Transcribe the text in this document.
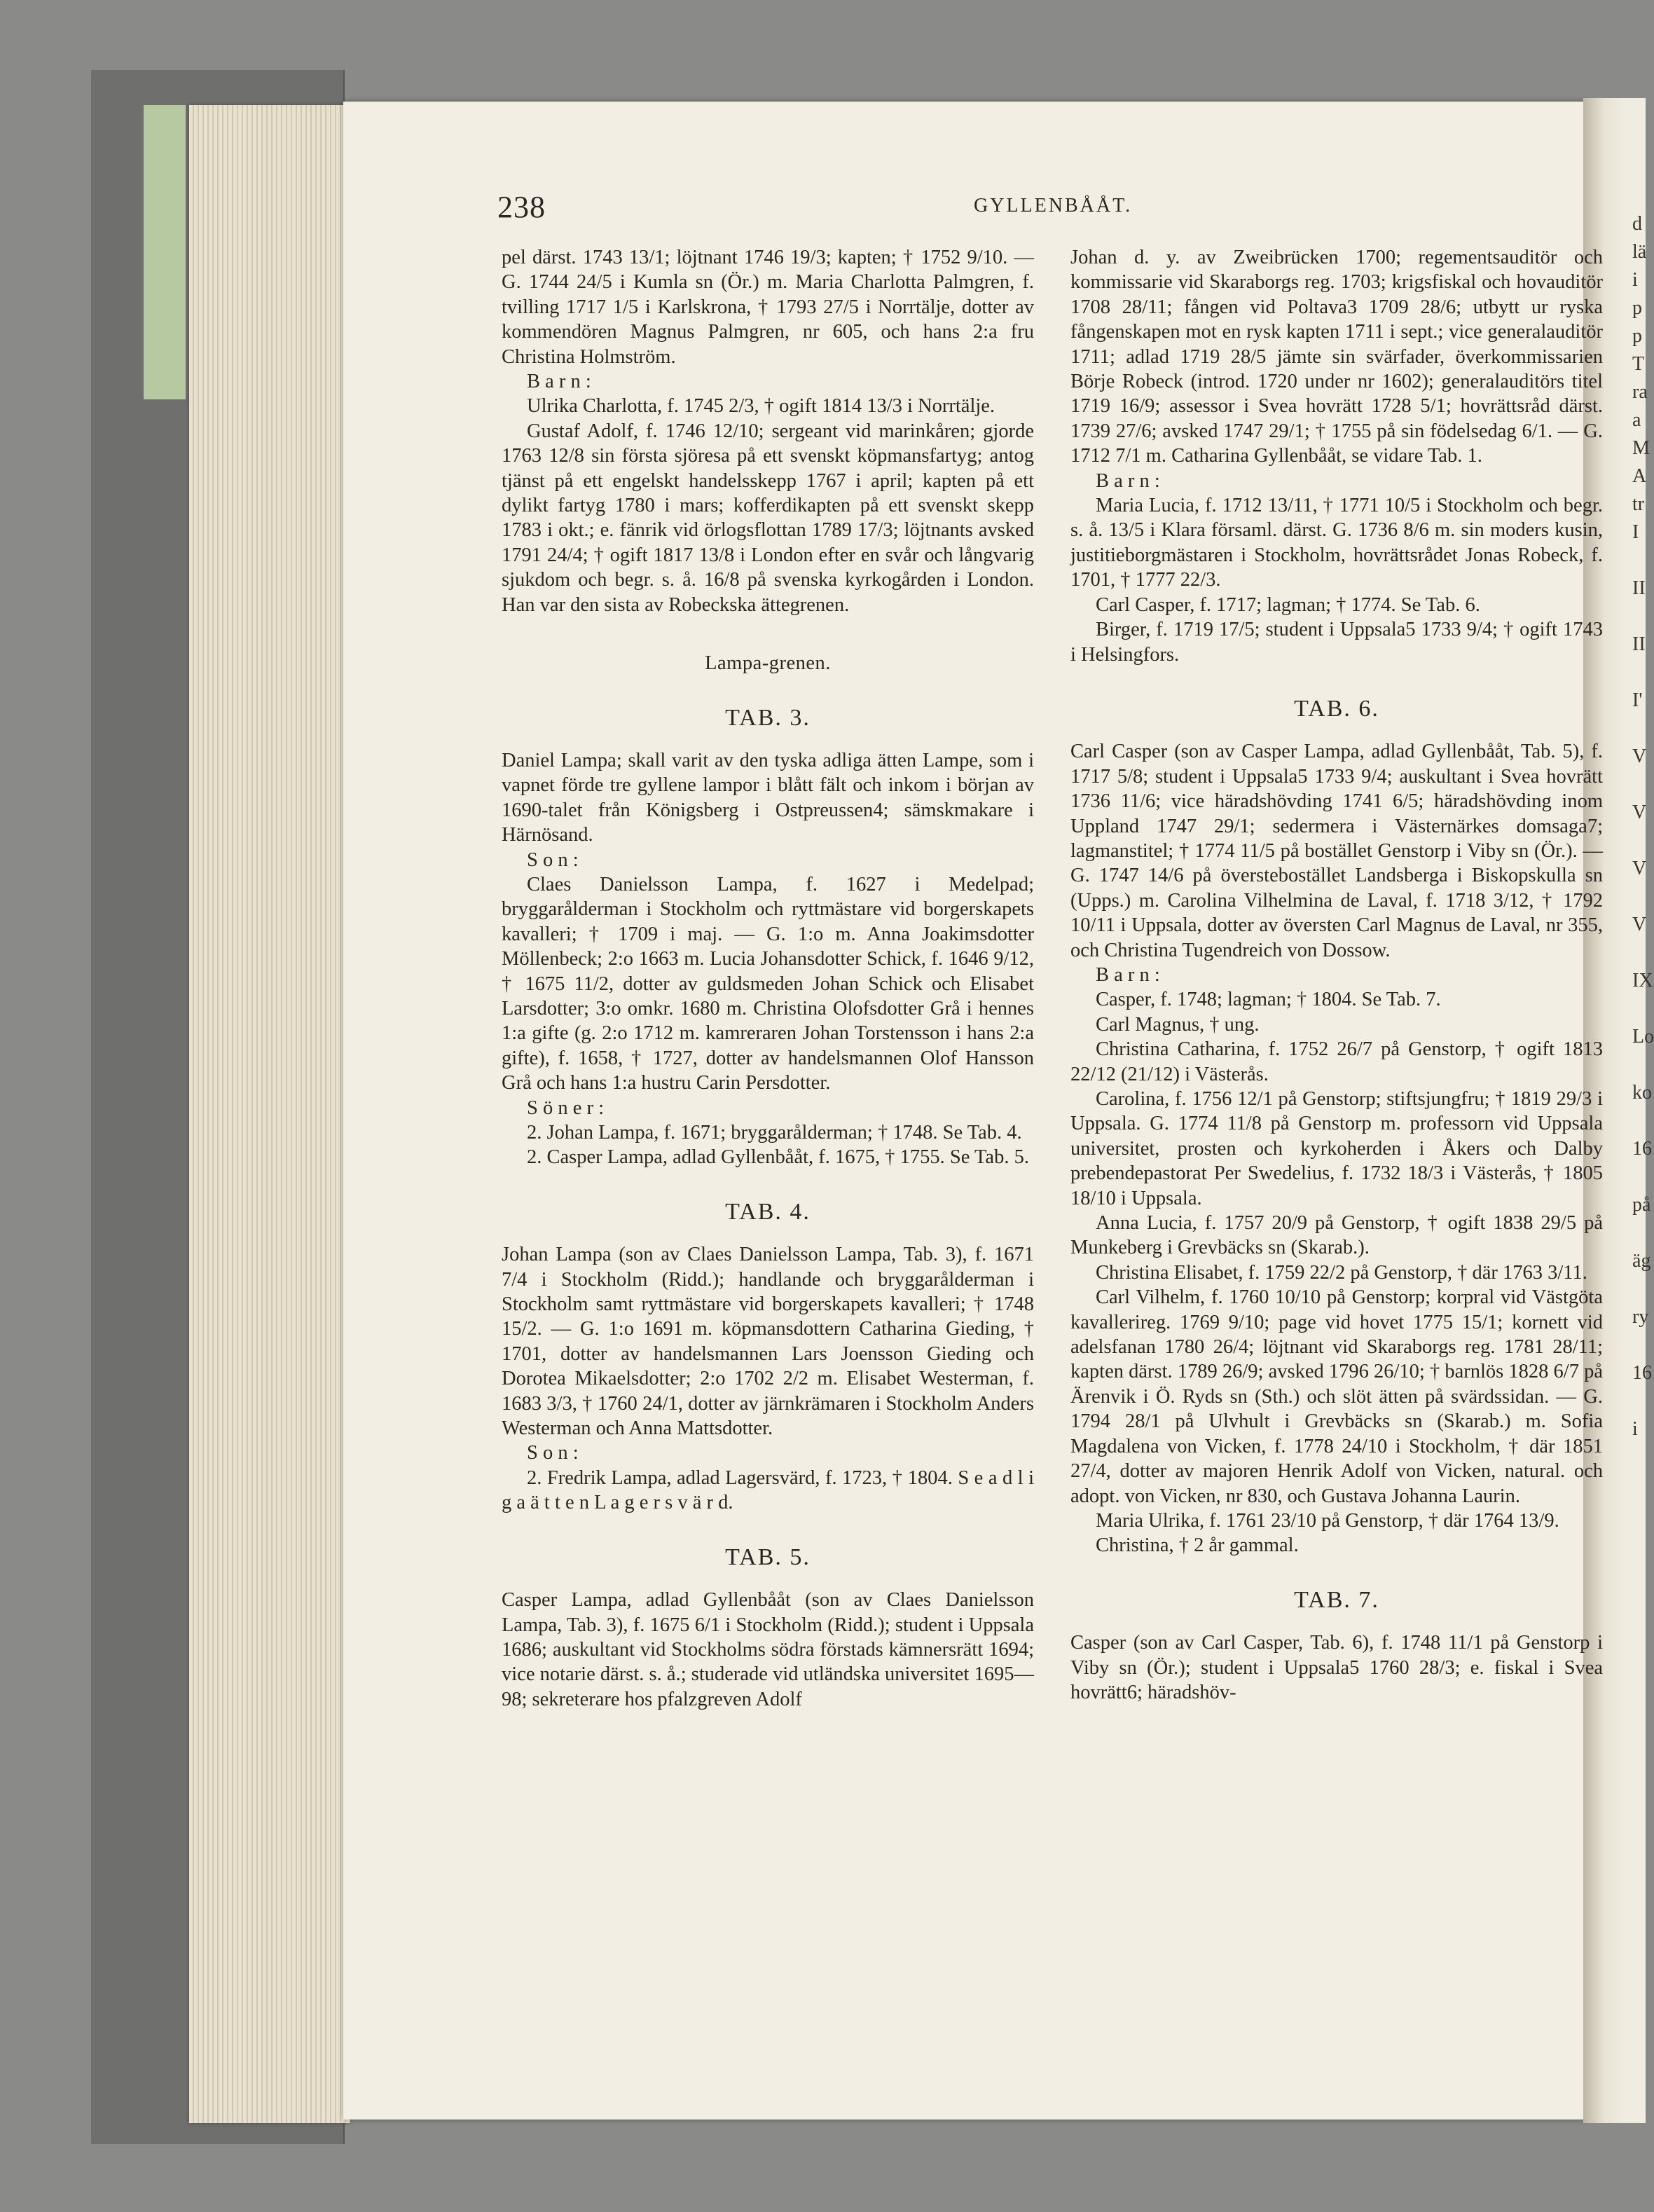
d
lä
i
p
p
T
ra
a
M
A
tr
I
II
II
I'
V
V
V
V
IX
Lo
ko
16
på
äg
ry
16
i
238	GYLLENBÅÅT.

pel därst. 1743 13/1; löjtnant 1746 19/3; kapten; † 1752 9/10. — G. 1744 24/5 i Kumla sn (Ör.) m. Maria Charlotta Palmgren, f. tvilling 1717 1/5 i Karlskrona, † 1793 27/5 i Norrtälje, dotter av kommendören Magnus Palmgren, nr 605, och hans 2:a fru Christina Holmström.

B a r n :

Ulrika Charlotta, f. 1745 2/3, † ogift 1814 13/3 i Norrtälje.

Gustaf Adolf, f. 1746 12/10; sergeant vid marinkåren; gjorde 1763 12/8 sin första sjöresa på ett svenskt köpmansfartyg; antog tjänst på ett engelskt handelsskepp 1767 i april; kapten på ett dylikt fartyg 1780 i mars; kofferdikapten på ett svenskt skepp 1783 i okt.; e. fänrik vid örlogsflottan 1789 17/3; löjtnants avsked 1791 24/4; † ogift 1817 13/8 i London efter en svår och långvarig sjukdom och begr. s. å. 16/8 på svenska kyrkogården i London. Han var den sista av Robeckska ättegrenen.

Lampa-grenen.

TAB. 3.

Daniel Lampa; skall varit av den tyska adliga ätten Lampe, som i vapnet förde tre gyllene lampor i blått fält och inkom i början av 1690-talet från Königsberg i Ostpreussen4; sämskmakare i Härnösand.

S o n :

Claes Danielsson Lampa, f. 1627 i Medelpad; bryggarålderman i Stockholm och ryttmästare vid borgerskapets kavalleri; † 1709 i maj. — G. 1:o m. Anna Joakimsdotter Möllenbeck; 2:o 1663 m. Lucia Johansdotter Schick, f. 1646 9/12, † 1675 11/2, dotter av guldsmeden Johan Schick och Elisabet Larsdotter; 3:o omkr. 1680 m. Christina Olofsdotter Grå i hennes 1:a gifte (g. 2:o 1712 m. kamreraren Johan Torstensson i hans 2:a gifte), f. 1658, † 1727, dotter av handelsmannen Olof Hansson Grå och hans 1:a hustru Carin Persdotter.

S ö n e r :

2. Johan Lampa, f. 1671; bryggarålderman; † 1748. Se Tab. 4.

2. Casper Lampa, adlad Gyllenbååt, f. 1675, † 1755. Se Tab. 5.

TAB. 4.

Johan Lampa (son av Claes Danielsson Lampa, Tab. 3), f. 1671 7/4 i Stockholm (Ridd.); handlande och bryggarålderman i Stockholm samt ryttmästare vid borgerskapets kavalleri; † 1748 15/2. — G. 1:o 1691 m. köpmansdottern Catharina Gieding, † 1701, dotter av handelsmannen Lars Joensson Gieding och Dorotea Mikaelsdotter; 2:o 1702 2/2 m. Elisabet Westerman, f. 1683 3/3, † 1760 24/1, dotter av järnkrämaren i Stockholm Anders Westerman och Anna Mattsdotter.

S o n :

2. Fredrik Lampa, adlad Lagersvärd, f. 1723, † 1804. S e a d l i g a ä t t e n L a g e r s v ä r d.

TAB. 5.

Casper Lampa, adlad Gyllenbååt (son av Claes Danielsson Lampa, Tab. 3), f. 1675 6/1 i Stockholm (Ridd.); student i Uppsala 1686; auskultant vid Stockholms södra förstads kämnersrätt 1694; vice notarie därst. s. å.; studerade vid utländska universitet 1695—98; sekreterare hos pfalzgreven Adolf

Johan d. y. av Zweibrücken 1700; regementsauditör och kommissarie vid Skaraborgs reg. 1703; krigsfiskal och hovauditör 1708 28/11; fången vid Poltava3 1709 28/6; utbytt ur ryska fångenskapen mot en rysk kapten 1711 i sept.; vice generalauditör 1711; adlad 1719 28/5 jämte sin svärfader, överkommissarien Börje Robeck (introd. 1720 under nr 1602); generalauditörs titel 1719 16/9; assessor i Svea hovrätt 1728 5/1; hovrättsråd därst. 1739 27/6; avsked 1747 29/1; † 1755 på sin födelsedag 6/1. — G. 1712 7/1 m. Catharina Gyllenbååt, se vidare Tab. 1.

B a r n :

Maria Lucia, f. 1712 13/11, † 1771 10/5 i Stockholm och begr. s. å. 13/5 i Klara församl. därst. G. 1736 8/6 m. sin moders kusin, justitieborgmästaren i Stockholm, hovrättsrådet Jonas Robeck, f. 1701, † 1777 22/3.

Carl Casper, f. 1717; lagman; † 1774. Se Tab. 6.

Birger, f. 1719 17/5; student i Uppsala5 1733 9/4; † ogift 1743 i Helsingfors.

TAB. 6.

Carl Casper (son av Casper Lampa, adlad Gyllenbååt, Tab. 5), f. 1717 5/8; student i Uppsala5 1733 9/4; auskultant i Svea hovrätt 1736 11/6; vice häradshövding 1741 6/5; häradshövding inom Uppland 1747 29/1; sedermera i Västernärkes domsaga7; lagmanstitel; † 1774 11/5 på bostället Genstorp i Viby sn (Ör.). — G. 1747 14/6 på överstebostället Landsberga i Biskopskulla sn (Upps.) m. Carolina Vilhelmina de Laval, f. 1718 3/12, † 1792 10/11 i Uppsala, dotter av översten Carl Magnus de Laval, nr 355, och Christina Tugendreich von Dossow.

B a r n :

Casper, f. 1748; lagman; † 1804. Se Tab. 7.

Carl Magnus, † ung.

Christina Catharina, f. 1752 26/7 på Genstorp, † ogift 1813 22/12 (21/12) i Västerås.

Carolina, f. 1756 12/1 på Genstorp; stiftsjungfru; † 1819 29/3 i Uppsala. G. 1774 11/8 på Genstorp m. professorn vid Uppsala universitet, prosten och kyrkoherden i Åkers och Dalby prebendepastorat Per Swedelius, f. 1732 18/3 i Västerås, † 1805 18/10 i Uppsala.

Anna Lucia, f. 1757 20/9 på Genstorp, † ogift 1838 29/5 på Munkeberg i Grevbäcks sn (Skarab.).

Christina Elisabet, f. 1759 22/2 på Genstorp, † där 1763 3/11.

Carl Vilhelm, f. 1760 10/10 på Genstorp; korpral vid Västgöta kavallerireg. 1769 9/10; page vid hovet 1775 15/1; kornett vid adelsfanan 1780 26/4; löjtnant vid Skaraborgs reg. 1781 28/11; kapten därst. 1789 26/9; avsked 1796 26/10; † barnlös 1828 6/7 på Ärenvik i Ö. Ryds sn (Sth.) och slöt ätten på svärdssidan. — G. 1794 28/1 på Ulvhult i Grevbäcks sn (Skarab.) m. Sofia Magdalena von Vicken, f. 1778 24/10 i Stockholm, † där 1851 27/4, dotter av majoren Henrik Adolf von Vicken, natural. och adopt. von Vicken, nr 830, och Gustava Johanna Laurin.

Maria Ulrika, f. 1761 23/10 på Genstorp, † där 1764 13/9.

Christina, † 2 år gammal.

TAB. 7.

Casper (son av Carl Casper, Tab. 6), f. 1748 11/1 på Genstorp i Viby sn (Ör.); student i Uppsala5 1760 28/3; e. fiskal i Svea hovrätt6; häradshöv-
